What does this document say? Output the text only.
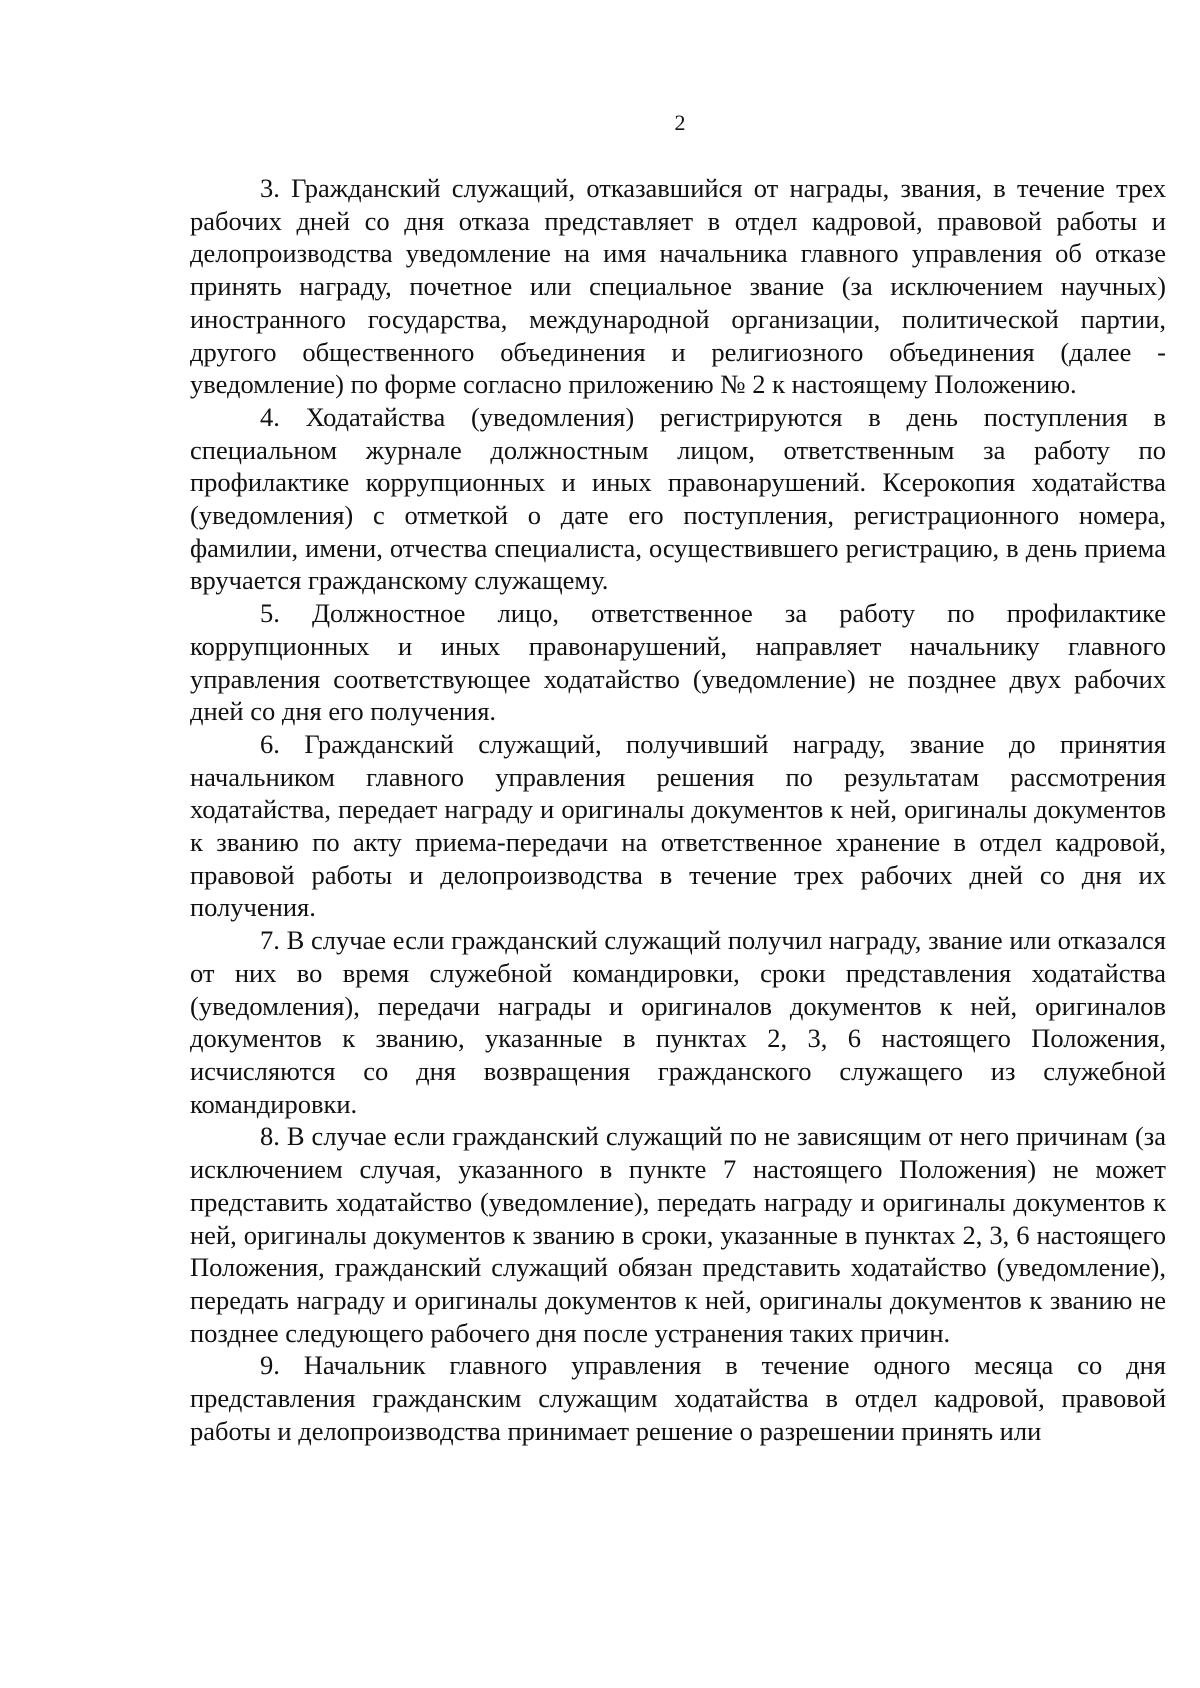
2

3. Гражданский служащий, отказавшийся от награды, звания, в течение трех рабочих дней со дня отказа представляет в отдел кадровой, правовой работы и делопроизводства уведомление на имя начальника главного управления об отказе принять награду, почетное или специальное звание (за исключением научных) иностранного государства, международной организации, политической партии, другого общественного объединения и религиозного объединения (далее - уведомление) по форме согласно приложению № 2 к настоящему Положению.

4. Ходатайства (уведомления) регистрируются в день поступления в специальном журнале должностным лицом, ответственным за работу по профилактике коррупционных и иных правонарушений. Ксерокопия ходатайства (уведомления) с отметкой о дате его поступления, регистрационного номера, фамилии, имени, отчества специалиста, осуществившего регистрацию, в день приема вручается гражданскому служащему.

5. Должностное лицо, ответственное за работу по профилактике коррупционных и иных правонарушений, направляет начальнику главного управления соответствующее ходатайство (уведомление) не позднее двух рабочих дней со дня его получения.

6. Гражданский служащий, получивший награду, звание до принятия начальником главного управления решения по результатам рассмотрения ходатайства, передает награду и оригиналы документов к ней, оригиналы документов к званию по акту приема-передачи на ответственное хранение в отдел кадровой, правовой работы и делопроизводства в течение трех рабочих дней со дня их получения.

7. В случае если гражданский служащий получил награду, звание или отказался от них во время служебной командировки, сроки представления ходатайства (уведомления), передачи награды и оригиналов документов к ней, оригиналов документов к званию, указанные в пунктах 2, 3, 6 настоящего Положения, исчисляются со дня возвращения гражданского служащего из служебной командировки.

8. В случае если гражданский служащий по не зависящим от него причинам (за исключением случая, указанного в пункте 7 настоящего Положения) не может представить ходатайство (уведомление), передать награду и оригиналы документов к ней, оригиналы документов к званию в сроки, указанные в пунктах 2, 3, 6 настоящего Положения, гражданский служащий обязан представить ходатайство (уведомление), передать награду и оригиналы документов к ней, оригиналы документов к званию не позднее следующего рабочего дня после устранения таких причин.

9. Начальник главного управления в течение одного месяца со дня представления гражданским служащим ходатайства в отдел кадровой, правовой работы и делопроизводства принимает решение о разрешении принять или
